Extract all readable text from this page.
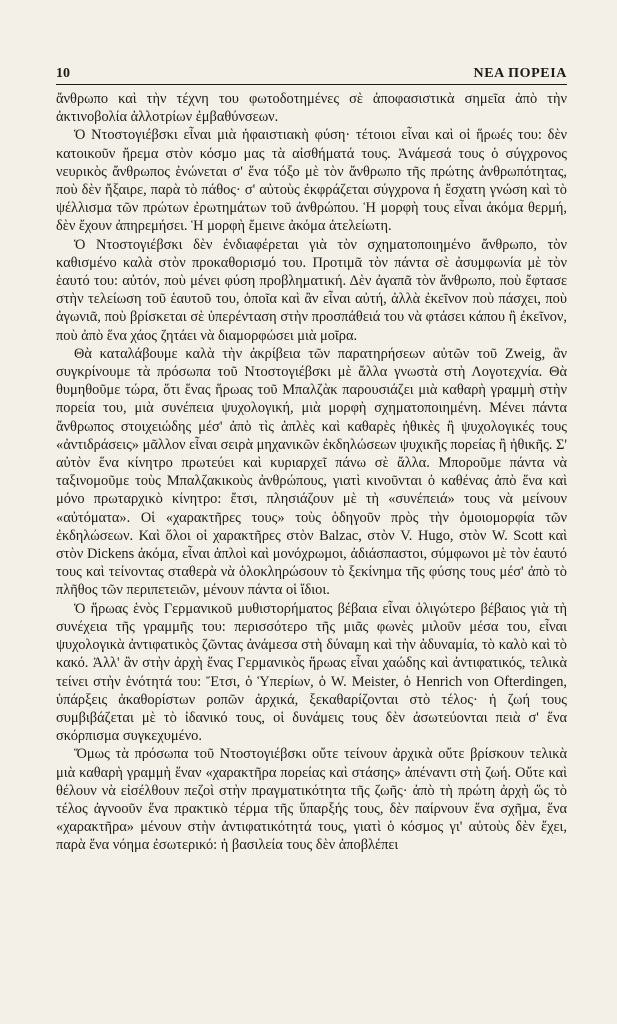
10	ΝΕΑ ΠΟΡΕΙΑ

ἄνθρωπο καὶ τὴν τέχνη του φωτοδοτημένες σὲ ἀποφασιστικὰ σημεῖα ἀπὸ τὴν ἀκτινοβολία ἀλλοτρίων ἐμβαθύνσεων.

Ὁ Ντοστογιέβσκι εἶναι μιὰ ἡφαιστιακὴ φύση· τέτοιοι εἶναι καὶ οἱ ἥρωές του: δὲν κατοικοῦν ἤρεμα στὸν κόσμο μας τὰ αἰσθήματά τους. Ἀνάμεσά τους ὁ σύγχρονος νευρικὸς ἄνθρωπος ἑνώνεται σ' ἕνα τόξο μὲ τὸν ἄνθρωπο τῆς πρώτης ἀνθρωπότητας, ποὺ δὲν ἤξαιρε, παρὰ τὸ πάθος· σ' αὐτοὺς ἐκφράζεται σύγχρονα ἡ ἔσχατη γνώση καὶ τὸ ψέλλισμα τῶν πρώτων ἐρωτημάτων τοῦ ἀνθρώπου. Ἡ μορφὴ τους εἶναι ἀκόμα θερμή, δὲν ἔχουν ἀπηρεμήσει. Ἡ μορφὴ ἔμεινε ἀκόμα ἀτελείωτη.

Ὁ Ντοστογιέβσκι δὲν ἐνδιαφέρεται γιὰ τὸν σχηματοποιημένο ἄνθρωπο, τὸν καθισμένο καλὰ στὸν προκαθορισμό του. Προτιμᾶ τὸν πάντα σὲ ἀσυμφωνία μὲ τὸν ἑαυτό του: αὐτόν, ποὺ μένει φύση προβληματική. Δὲν ἀγαπᾶ τὸν ἄνθρωπο, ποὺ ἔφτασε στὴν τελείωση τοῦ ἑαυτοῦ του, ὁποῖα καὶ ἂν εἶναι αὐτή, ἀλλὰ ἐκεῖνον ποὺ πάσχει, ποὺ ἀγωνιᾶ, ποὺ βρίσκεται σὲ ὑπερένταση στὴν προσπάθειά του νὰ φτάσει κάπου ἢ ἐκεῖνον, ποὺ ἀπὸ ἕνα χάος ζητάει νὰ διαμορφώσει μιὰ μοῖρα.

Θὰ καταλάβουμε καλὰ τὴν ἀκρίβεια τῶν παρατηρήσεων αὐτῶν τοῦ Zweig, ἂν συγκρίνουμε τὰ πρόσωπα τοῦ Ντοστογιέβσκι μὲ ἄλλα γνωστὰ στὴ Λογοτεχνία. Θὰ θυμηθοῦμε τώρα, ὅτι ἕνας ἥρωας τοῦ Μπαλζὰκ παρουσιάζει μιὰ καθαρὴ γραμμὴ στὴν πορεία του, μιὰ συνέπεια ψυχολογική, μιὰ μορφὴ σχηματοποιημένη. Μένει πάντα ἄνθρωπος στοιχειώδης μέσ' ἀπὸ τὶς ἁπλὲς καὶ καθαρὲς ἠθικὲς ἢ ψυχολογικές τους «ἀντιδράσεις» μᾶλλον εἶναι σειρὰ μηχανικῶν ἐκδηλώσεων ψυχικῆς πορείας ἢ ἠθικῆς. Σ' αὐτὸν ἕνα κίνητρο πρωτεύει καὶ κυριαρχεῖ πάνω σὲ ἄλλα. Μποροῦμε πάντα νὰ ταξινομοῦμε τοὺς Μπαλζακικοὺς ἀνθρώπους, γιατὶ κινοῦνται ὁ καθένας ἀπὸ ἕνα καὶ μόνο πρωταρχικὸ κίνητρο: ἔτσι, πλησιάζουν μὲ τὴ «συνέπειά» τους νὰ μείνουν «αὐτόματα». Οἱ «χαρακτῆρες τους» τοὺς ὁδηγοῦν πρὸς τὴν ὁμοιομορφία τῶν ἐκδηλώσεων. Καὶ ὅλοι οἱ χαρακτῆρες στὸν Balzac, στὸν V. Hugo, στὸν W. Scott καὶ στὸν Dickens ἀκόμα, εἶναι ἁπλοὶ καὶ μονόχρωμοι, ἀδιάσπαστοι, σύμφωνοι μὲ τὸν ἑαυτό τους καὶ τείνοντας σταθερὰ νὰ ὁλοκληρώσουν τὸ ξεκίνημα τῆς φύσης τους μέσ' ἀπὸ τὸ πλῆθος τῶν περιπετειῶν, μένουν πάντα οἱ ἴδιοι.

Ὁ ἥρωας ἑνὸς Γερμανικοῦ μυθιστορήματος βέβαια εἶναι ὀλιγώτερο βέβαιος γιὰ τὴ συνέχεια τῆς γραμμῆς του: περισσότερο τῆς μιᾶς φωνὲς μιλοῦν μέσα του, εἶναι ψυχολογικὰ ἀντιφατικὸς ζῶντας ἀνάμεσα στὴ δύναμη καὶ τὴν ἀδυναμία, τὸ καλὸ καὶ τὸ κακό. Ἀλλ' ἂν στὴν ἀρχὴ ἕνας Γερμανικὸς ἥρωας εἶναι χαώδης καὶ ἀντιφατικός, τελικὰ τείνει στὴν ἑνότητά του: Ἔτσι, ὁ Ὑπερίων, ὁ W. Meister, ὁ Henrich von Ofterdingen, ὑπάρξεις ἀκαθορίστων ροπῶν ἀρχικά, ξεκαθαρίζονται στὸ τέλος· ἡ ζωή τους συμβιβάζεται μὲ τὸ ἰδανικό τους, οἱ δυνάμεις τους δὲν ἀσωτεύονται πειὰ σ' ἕνα σκόρπισμα συγκεχυμένο.

Ὅμως τὰ πρόσωπα τοῦ Ντοστογιέβσκι οὔτε τείνουν ἀρχικὰ οὔτε βρίσκουν τελικὰ μιὰ καθαρὴ γραμμὴ ἕναν «χαρακτῆρα πορείας καὶ στάσης» ἀπέναντι στὴ ζωή. Οὔτε καὶ θέλουν νὰ εἰσέλθουν πεζοὶ στὴν πραγματικότητα τῆς ζωῆς· ἀπὸ τὴ πρώτη ἀρχὴ ὥς τὸ τέλος ἀγνοοῦν ἕνα πρακτικὸ τέρμα τῆς ὕπαρξής τους, δὲν παίρνουν ἕνα σχῆμα, ἕνα «χαρακτῆρα» μένουν στὴν ἀντιφατικότητά τους, γιατὶ ὁ κόσμος γι' αὐτοὺς δὲν ἔχει, παρὰ ἕνα νόημα ἐσωτερικό: ἡ βασιλεία τους δὲν ἀποβλέπει
